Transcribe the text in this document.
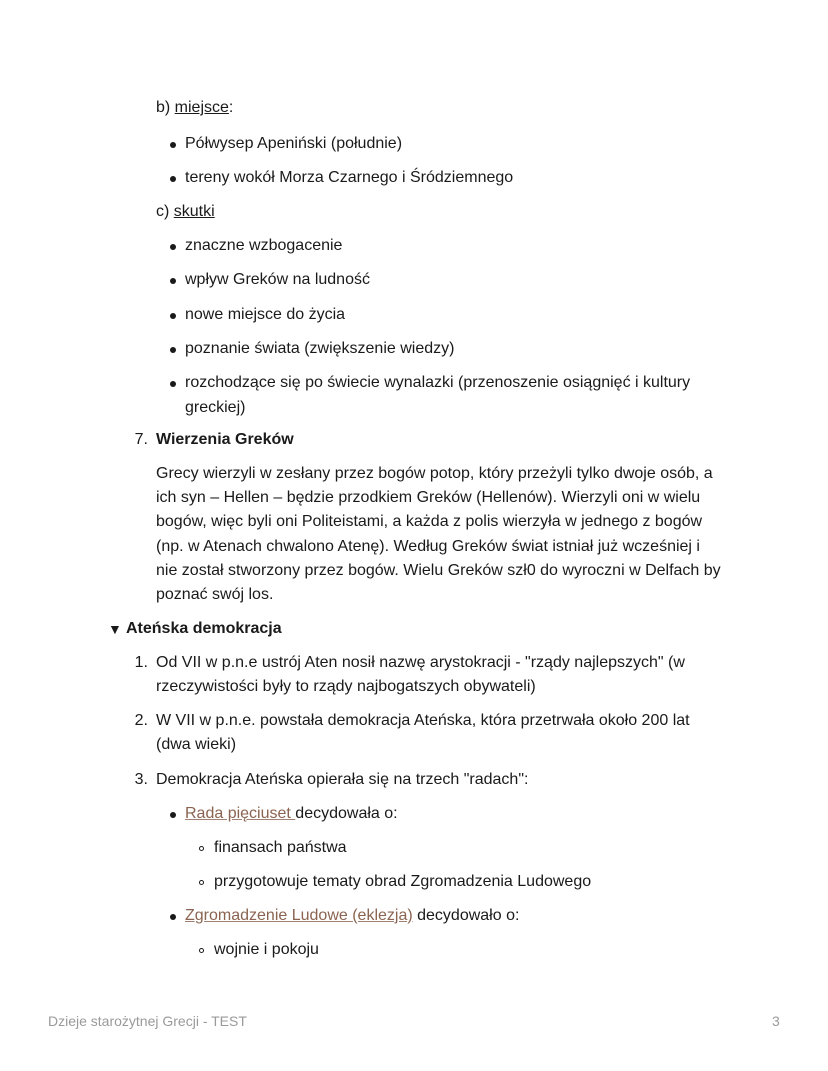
b) miejsce:
Półwysep Apeniński (południe)
tereny wokół Morza Czarnego i Śródziemnego
c) skutki
znaczne wzbogacenie
wpływ Greków na ludność
nowe miejsce do życia
poznanie świata (zwiększenie wiedzy)
rozchodzące się po świecie wynalazki (przenoszenie osiągnięć i kultury
greckiej)
7. Wierzenia Greków
Grecy wierzyli w zesłany przez bogów potop, który przeżyli tylko dwoje osób, a
ich syn – Hellen – będzie przodkiem Greków (Hellenów). Wierzyli oni w wielu
bogów, więc byli oni Politeistami, a każda z polis wierzyła w jednego z bogów
(np. w Atenach chwalono Atenę). Według Greków świat istniał już wcześniej i
nie został stworzony przez bogów. Wielu Greków szł0 do wyroczni w Delfach by
poznać swój los.
▼ Ateńska demokracja
1. Od VII w p.n.e ustrój Aten nosił nazwę arystokracji - "rządy najlepszych" (w
rzeczywistości były to rządy najbogatszych obywateli)
2. W VII w p.n.e. powstała demokracja Ateńska, która przetrwała około 200 lat
(dwa wieki)
3. Demokracja Ateńska opierała się na trzech "radach":
Rada pięciuset decydowała o:
finansach państwa
przygotowuje tematy obrad Zgromadzenia Ludowego
Zgromadzenie Ludowe (eklezja) decydowało o:
wojnie i pokoju
Dzieje starożytnej Grecji - TEST	3
